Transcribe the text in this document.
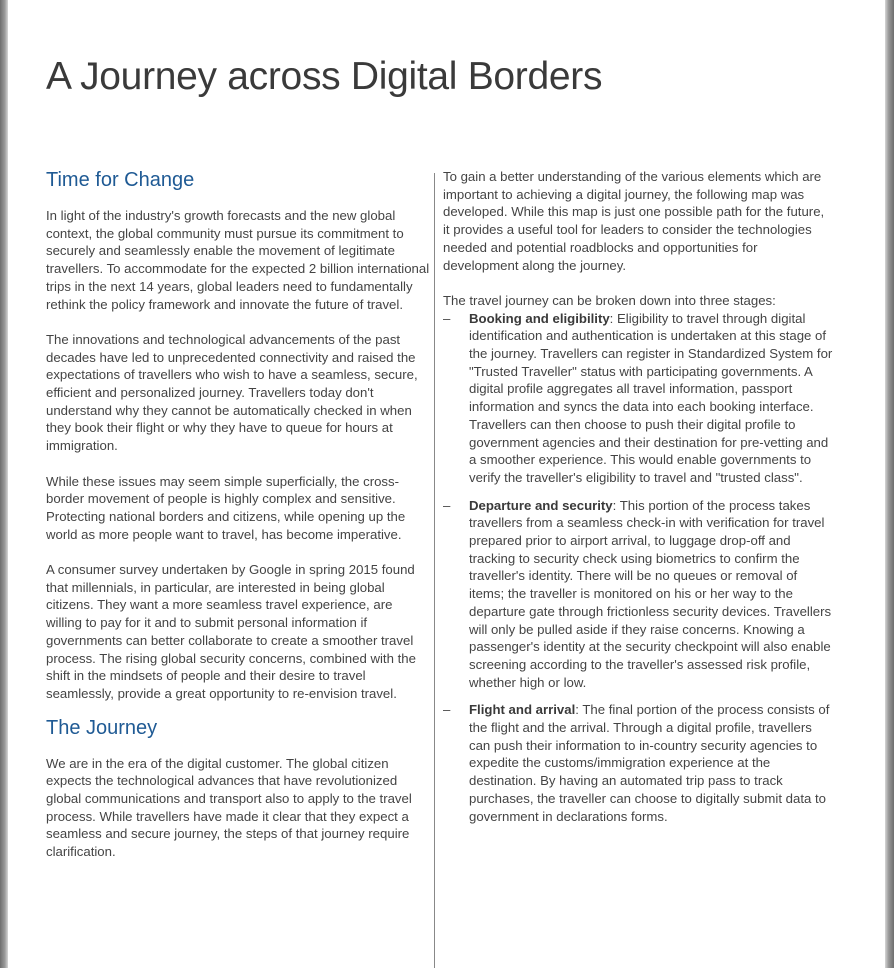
A Journey across Digital Borders
Time for Change

In light of the industry's growth forecasts and the new global context, the global community must pursue its commitment to securely and seamlessly enable the movement of legitimate travellers. To accommodate for the expected 2 billion international trips in the next 14 years, global leaders need to fundamentally rethink the policy framework and innovate the future of travel.

The innovations and technological advancements of the past decades have led to unprecedented connectivity and raised the expectations of travellers who wish to have a seamless, secure, efficient and personalized journey. Travellers today don't understand why they cannot be automatically checked in when they book their flight or why they have to queue for hours at immigration.

While these issues may seem simple superficially, the cross-border movement of people is highly complex and sensitive. Protecting national borders and citizens, while opening up the world as more people want to travel, has become imperative.

A consumer survey undertaken by Google in spring 2015 found that millennials, in particular, are interested in being global citizens. They want a more seamless travel experience, are willing to pay for it and to submit personal information if governments can better collaborate to create a smoother travel process. The rising global security concerns, combined with the shift in the mindsets of people and their desire to travel seamlessly, provide a great opportunity to re-envision travel.

The Journey

We are in the era of the digital customer. The global citizen expects the technological advances that have revolutionized global communications and transport also to apply to the travel process. While travellers have made it clear that they expect a seamless and secure journey, the steps of that journey require clarification.

To gain a better understanding of the various elements which are important to achieving a digital journey, the following map was developed. While this map is just one possible path for the future, it provides a useful tool for leaders to consider the technologies needed and potential roadblocks and opportunities for development along the journey.

The travel journey can be broken down into three stages:

– Booking and eligibility: Eligibility to travel through digital identification and authentication is undertaken at this stage of the journey. Travellers can register in Standardized System for "Trusted Traveller" status with participating governments. A digital profile aggregates all travel information, passport information and syncs the data into each booking interface. Travellers can then choose to push their digital profile to government agencies and their destination for pre-vetting and a smoother experience. This would enable governments to verify the traveller's eligibility to travel and "trusted class".
– Departure and security: This portion of the process takes travellers from a seamless check-in with verification for travel prepared prior to airport arrival, to luggage drop-off and tracking to security check using biometrics to confirm the traveller's identity. There will be no queues or removal of items; the traveller is monitored on his or her way to the departure gate through frictionless security devices. Travellers will only be pulled aside if they raise concerns. Knowing a passenger's identity at the security checkpoint will also enable screening according to the traveller's assessed risk profile, whether high or low.
– Flight and arrival: The final portion of the process consists of the flight and the arrival. Through a digital profile, travellers can push their information to in-country security agencies to expedite the customs/immigration experience at the destination. By having an automated trip pass to track purchases, the traveller can choose to digitally submit data to government in declarations forms.
